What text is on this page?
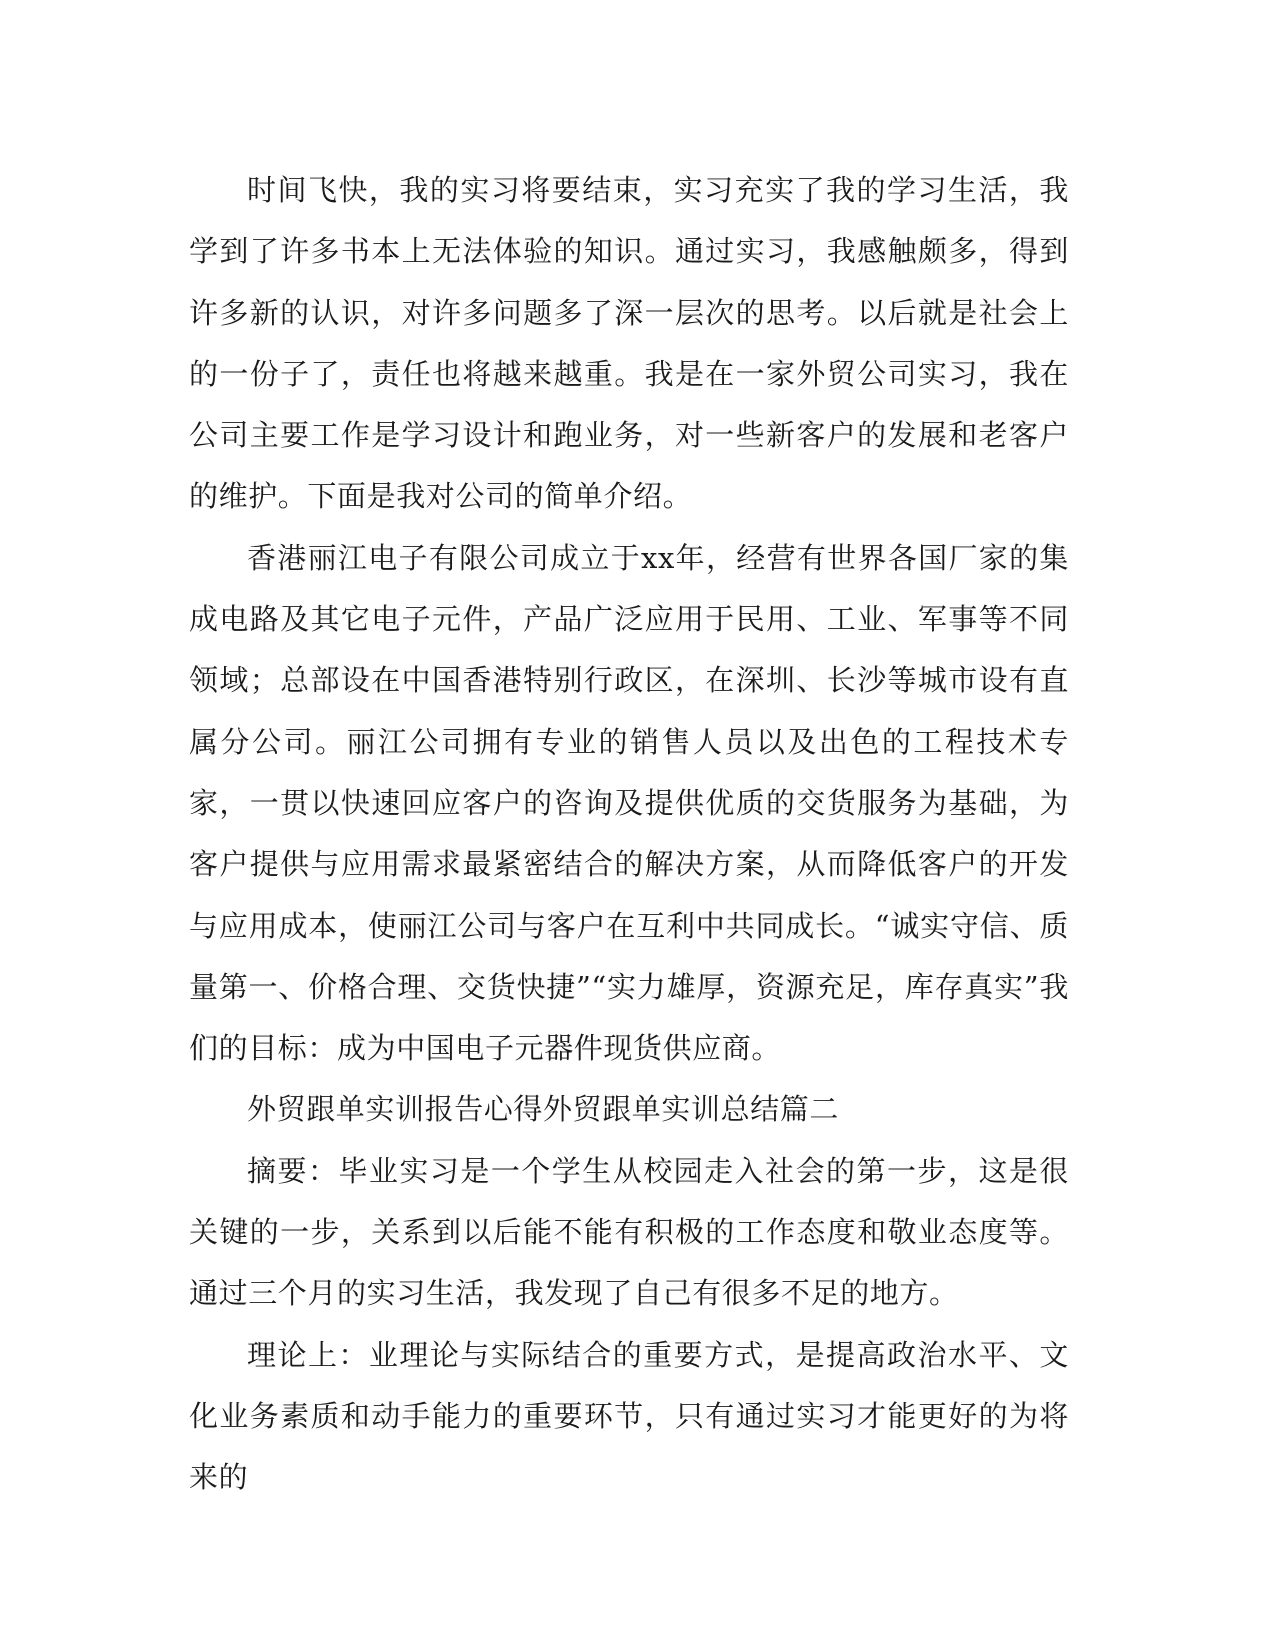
时间飞快，我的实习将要结束，实习充实了我的学习生活，我学到了许多书本上无法体验的知识。通过实习，我感触颇多，得到许多新的认识，对许多问题多了深一层次的思考。以后就是社会上的一份子了，责任也将越来越重。我是在一家外贸公司实习，我在公司主要工作是学习设计和跑业务，对一些新客户的发展和老客户的维护。下面是我对公司的简单介绍。

香港丽江电子有限公司成立于xx年，经营有世界各国厂家的集成电路及其它电子元件，产品广泛应用于民用、工业、军事等不同领域；总部设在中国香港特别行政区，在深圳、长沙等城市设有直属分公司。丽江公司拥有专业的销售人员以及出色的工程技术专家，一贯以快速回应客户的咨询及提供优质的交货服务为基础，为客户提供与应用需求最紧密结合的解决方案，从而降低客户的开发与应用成本，使丽江公司与客户在互利中共同成长。“诚实守信、质量第一、价格合理、交货快捷”“实力雄厚，资源充足，库存真实”我们的目标：成为中国电子元器件现货供应商。

外贸跟单实训报告心得外贸跟单实训总结篇二

摘要：毕业实习是一个学生从校园走入社会的第一步，这是很关键的一步，关系到以后能不能有积极的工作态度和敬业态度等。通过三个月的实习生活，我发现了自己有很多不足的地方。

理论上：业理论与实际结合的重要方式，是提高政治水平、文化业务素质和动手能力的重要环节，只有通过实习才能更好的为将来的
